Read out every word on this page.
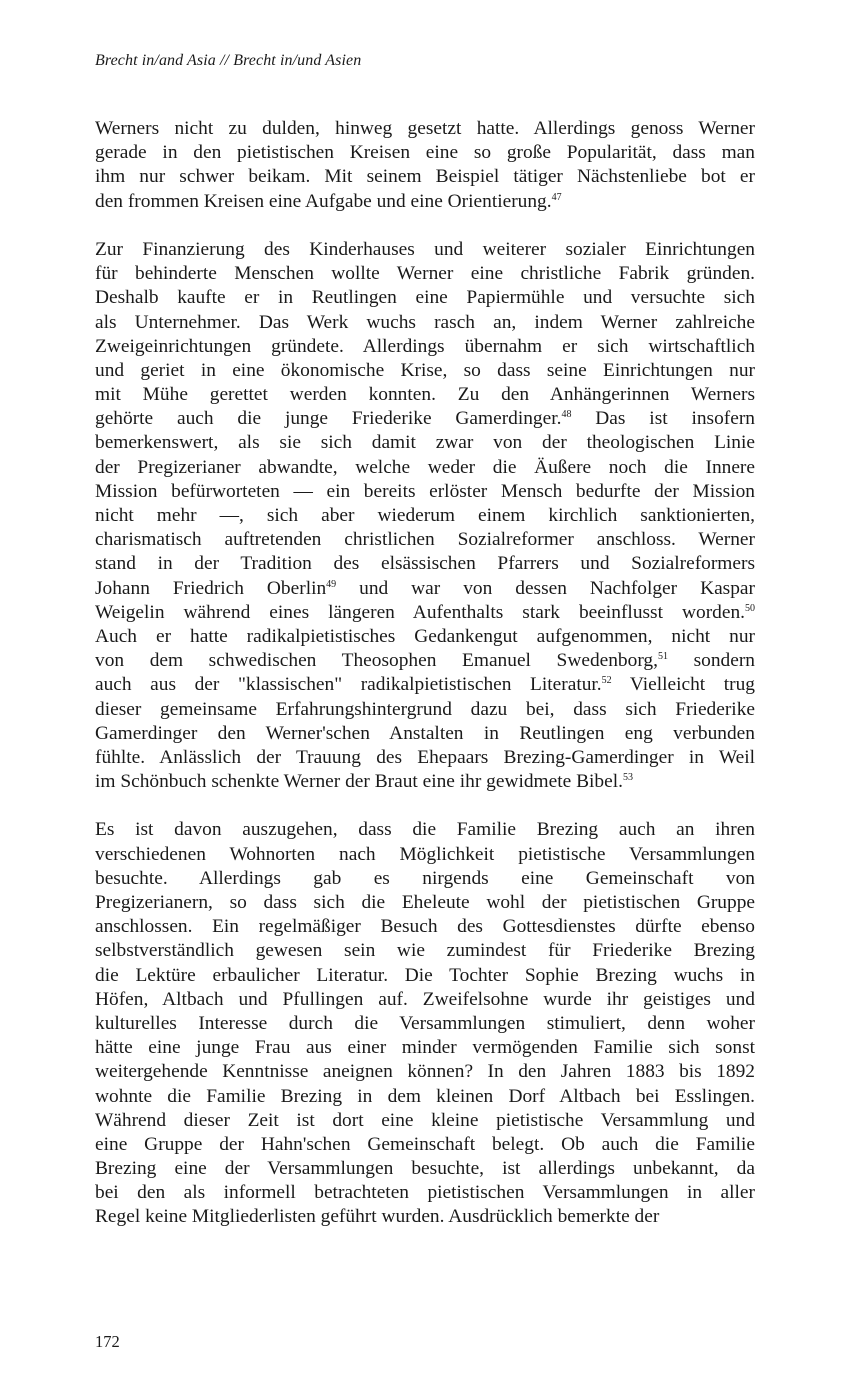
Brecht in/and Asia // Brecht in/und Asien
Werners nicht zu dulden, hinweg gesetzt hatte. Allerdings genoss Werner
gerade in den pietistischen Kreisen eine so große Popularität, dass man
ihm nur schwer beikam. Mit seinem Beispiel tätiger Nächstenliebe bot er
den frommen Kreisen eine Aufgabe und eine Orientierung.$^{47}$
Zur Finanzierung des Kinderhauses und weiterer sozialer Einrichtungen
für behinderte Menschen wollte Werner eine christliche Fabrik gründen.
Deshalb kaufte er in Reutlingen eine Papiermühle und versuchte sich
als Unternehmer. Das Werk wuchs rasch an, indem Werner zahlreiche
Zweigeinrichtungen gründete. Allerdings übernahm er sich wirtschaftlich
und geriet in eine ökonomische Krise, so dass seine Einrichtungen nur
mit Mühe gerettet werden konnten. Zu den Anhängerinnen Werners
gehörte auch die junge Friederike Gamerdinger.$^{48}$ Das ist insofern
bemerkenswert, als sie sich damit zwar von der theologischen Linie
der Pregizerianer abwandte, welche weder die Äußere noch die Innere
Mission befürworteten — ein bereits erlöster Mensch bedurfte der Mission
nicht mehr —, sich aber wiederum einem kirchlich sanktionierten,
charismatisch auftretenden christlichen Sozialreformer anschloss. Werner
stand in der Tradition des elsässischen Pfarrers und Sozialreformers
Johann Friedrich Oberlin$^{49}$ und war von dessen Nachfolger Kaspar
Weigelin während eines längeren Aufenthalts stark beeinflusst worden.$^{50}$
Auch er hatte radikalpietistisches Gedankengut aufgenommen, nicht nur
von dem schwedischen Theosophen Emanuel Swedenborg,$^{51}$ sondern
auch aus der "klassischen" radikalpietistischen Literatur.$^{52}$ Vielleicht trug
dieser gemeinsame Erfahrungshintergrund dazu bei, dass sich Friederike
Gamerdinger den Werner'schen Anstalten in Reutlingen eng verbunden
fühlte. Anlässlich der Trauung des Ehepaars Brezing-Gamerdinger in Weil
im Schönbuch schenkte Werner der Braut eine ihr gewidmete Bibel.$^{53}$
Es ist davon auszugehen, dass die Familie Brezing auch an ihren
verschiedenen Wohnorten nach Möglichkeit pietistische Versammlungen
besuchte. Allerdings gab es nirgends eine Gemeinschaft von
Pregizerianern, so dass sich die Eheleute wohl der pietistischen Gruppe
anschlossen. Ein regelmäßiger Besuch des Gottesdienstes dürfte ebenso
selbstverständlich gewesen sein wie zumindest für Friederike Brezing
die Lektüre erbaulicher Literatur. Die Tochter Sophie Brezing wuchs in
Höfen, Altbach und Pfullingen auf. Zweifelsohne wurde ihr geistiges und
kulturelles Interesse durch die Versammlungen stimuliert, denn woher
hätte eine junge Frau aus einer minder vermögenden Familie sich sonst
weitergehende Kenntnisse aneignen können? In den Jahren 1883 bis 1892
wohnte die Familie Brezing in dem kleinen Dorf Altbach bei Esslingen.
Während dieser Zeit ist dort eine kleine pietistische Versammlung und
eine Gruppe der Hahn'schen Gemeinschaft belegt. Ob auch die Familie
Brezing eine der Versammlungen besuchte, ist allerdings unbekannt, da
bei den als informell betrachteten pietistischen Versammlungen in aller
Regel keine Mitgliederlisten geführt wurden. Ausdrücklich bemerkte der
172
